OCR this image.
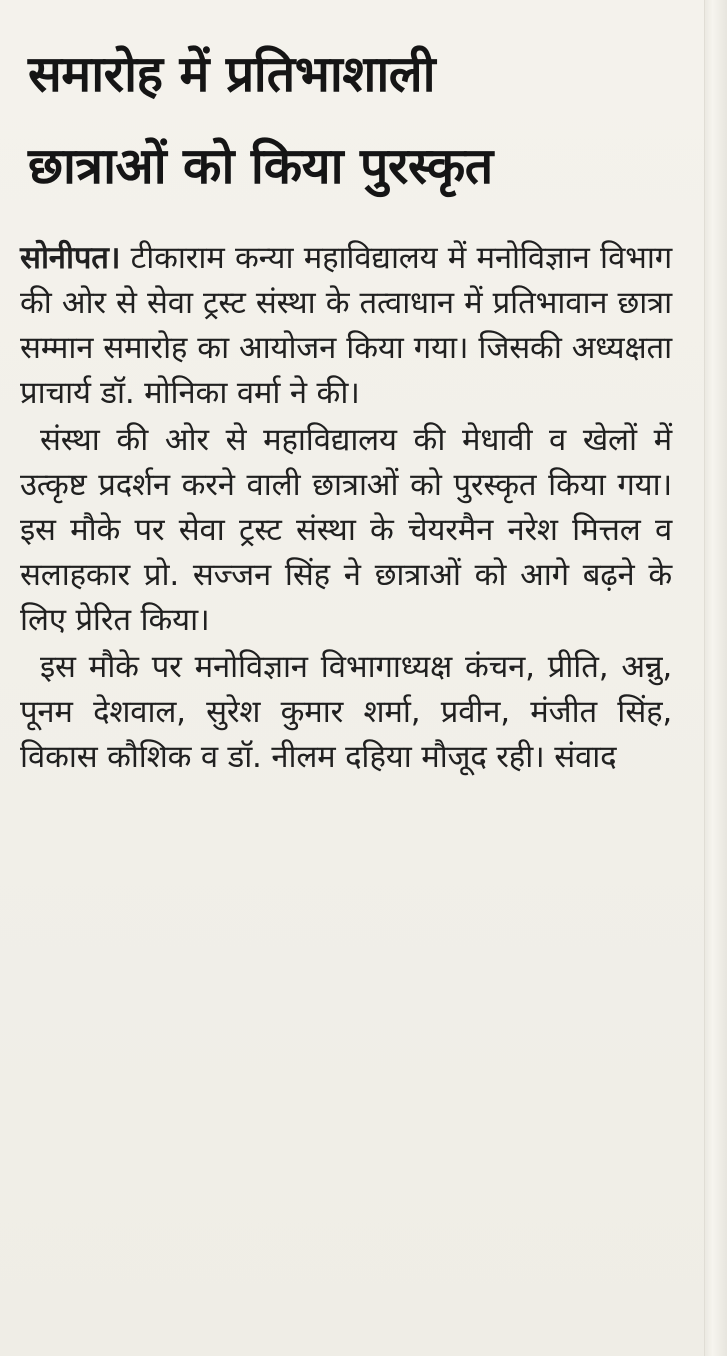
समारोह में प्रतिभाशाली
छात्राओं को किया पुरस्कृत

सोनीपत। टीकाराम कन्या महाविद्यालय में मनोविज्ञान विभाग की ओर से सेवा ट्रस्ट संस्था के तत्वाधान में प्रतिभावान छात्रा सम्मान समारोह का आयोजन किया गया। जिसकी अध्यक्षता प्राचार्य डॉ. मोनिका वर्मा ने की।

संस्था की ओर से महाविद्यालय की मेधावी व खेलों में उत्कृष्ट प्रदर्शन करने वाली छात्राओं को पुरस्कृत किया गया। इस मौके पर सेवा ट्रस्ट संस्था के चेयरमैन नरेश मित्तल व सलाहकार प्रो. सज्जन सिंह ने छात्राओं को आगे बढ़ने के लिए प्रेरित किया।

इस मौके पर मनोविज्ञान विभागाध्यक्ष कंचन, प्रीति, अन्नु, पूनम देशवाल, सुरेश कुमार शर्मा, प्रवीन, मंजीत सिंह, विकास कौशिक व डॉ. नीलम दहिया मौजूद रही। संवाद
